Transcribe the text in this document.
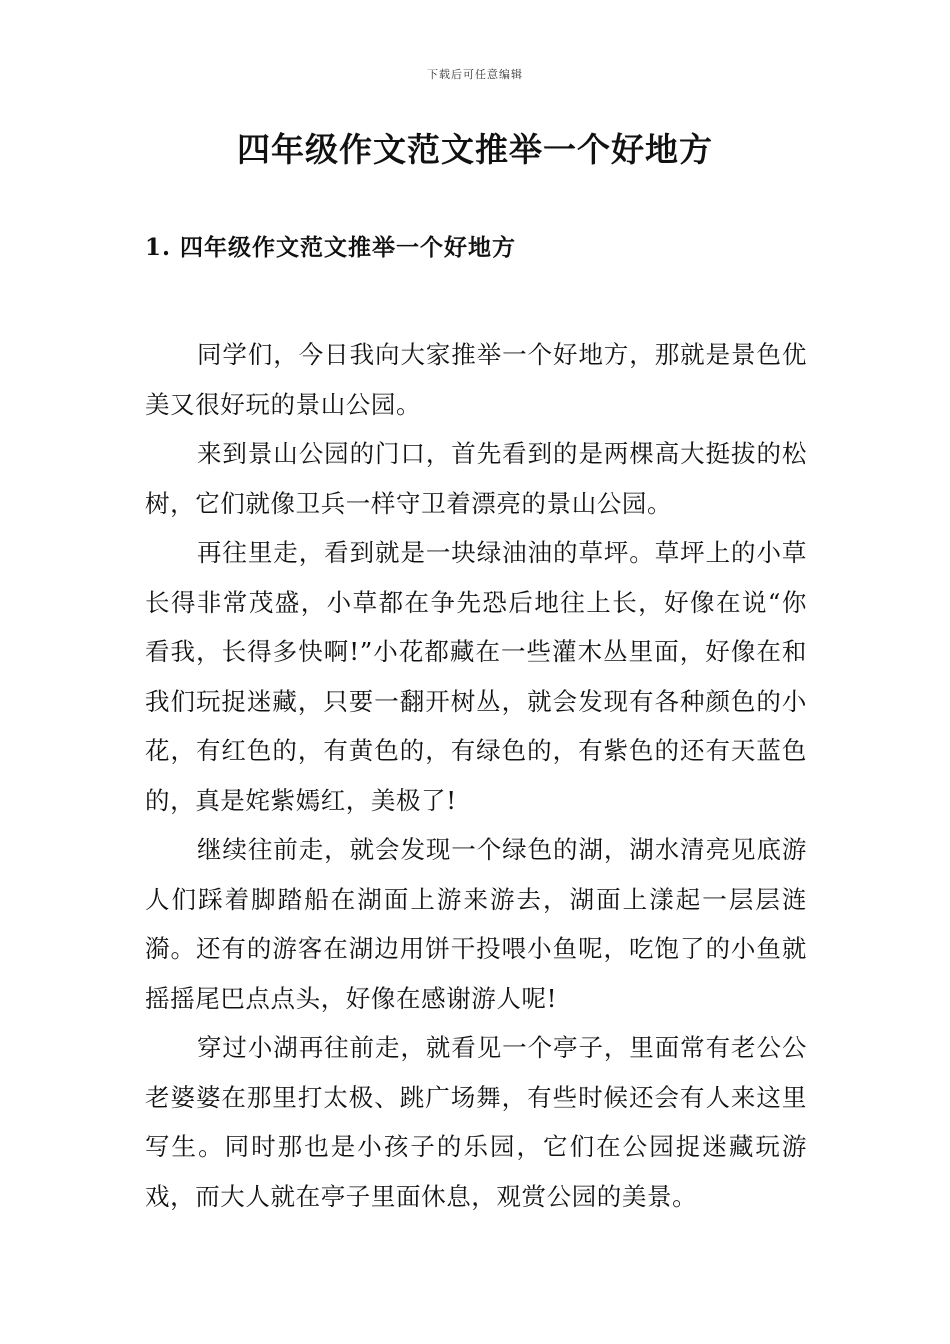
下载后可任意编辑
四年级作文范文推举一个好地方
1. 四年级作文范文推举一个好地方

同学们，今日我向大家推举一个好地方，那就是景色优美又很好玩的景山公园。

来到景山公园的门口，首先看到的是两棵高大挺拔的松树，它们就像卫兵一样守卫着漂亮的景山公园。

再往里走，看到就是一块绿油油的草坪。草坪上的小草长得非常茂盛，小草都在争先恐后地往上长，好像在说“你看我，长得多快啊!”小花都藏在一些灌木丛里面，好像在和我们玩捉迷藏，只要一翻开树丛，就会发现有各种颜色的小花，有红色的，有黄色的，有绿色的，有紫色的还有天蓝色的，真是姹紫嫣红，美极了!

继续往前走，就会发现一个绿色的湖，湖水清亮见底游人们踩着脚踏船在湖面上游来游去，湖面上漾起一层层涟漪。还有的游客在湖边用饼干投喂小鱼呢，吃饱了的小鱼就摇摇尾巴点点头，好像在感谢游人呢!

穿过小湖再往前走，就看见一个亭子，里面常有老公公老婆婆在那里打太极、跳广场舞，有些时候还会有人来这里写生。同时那也是小孩子的乐园，它们在公园捉迷藏玩游戏，而大人就在亭子里面休息，观赏公园的美景。
